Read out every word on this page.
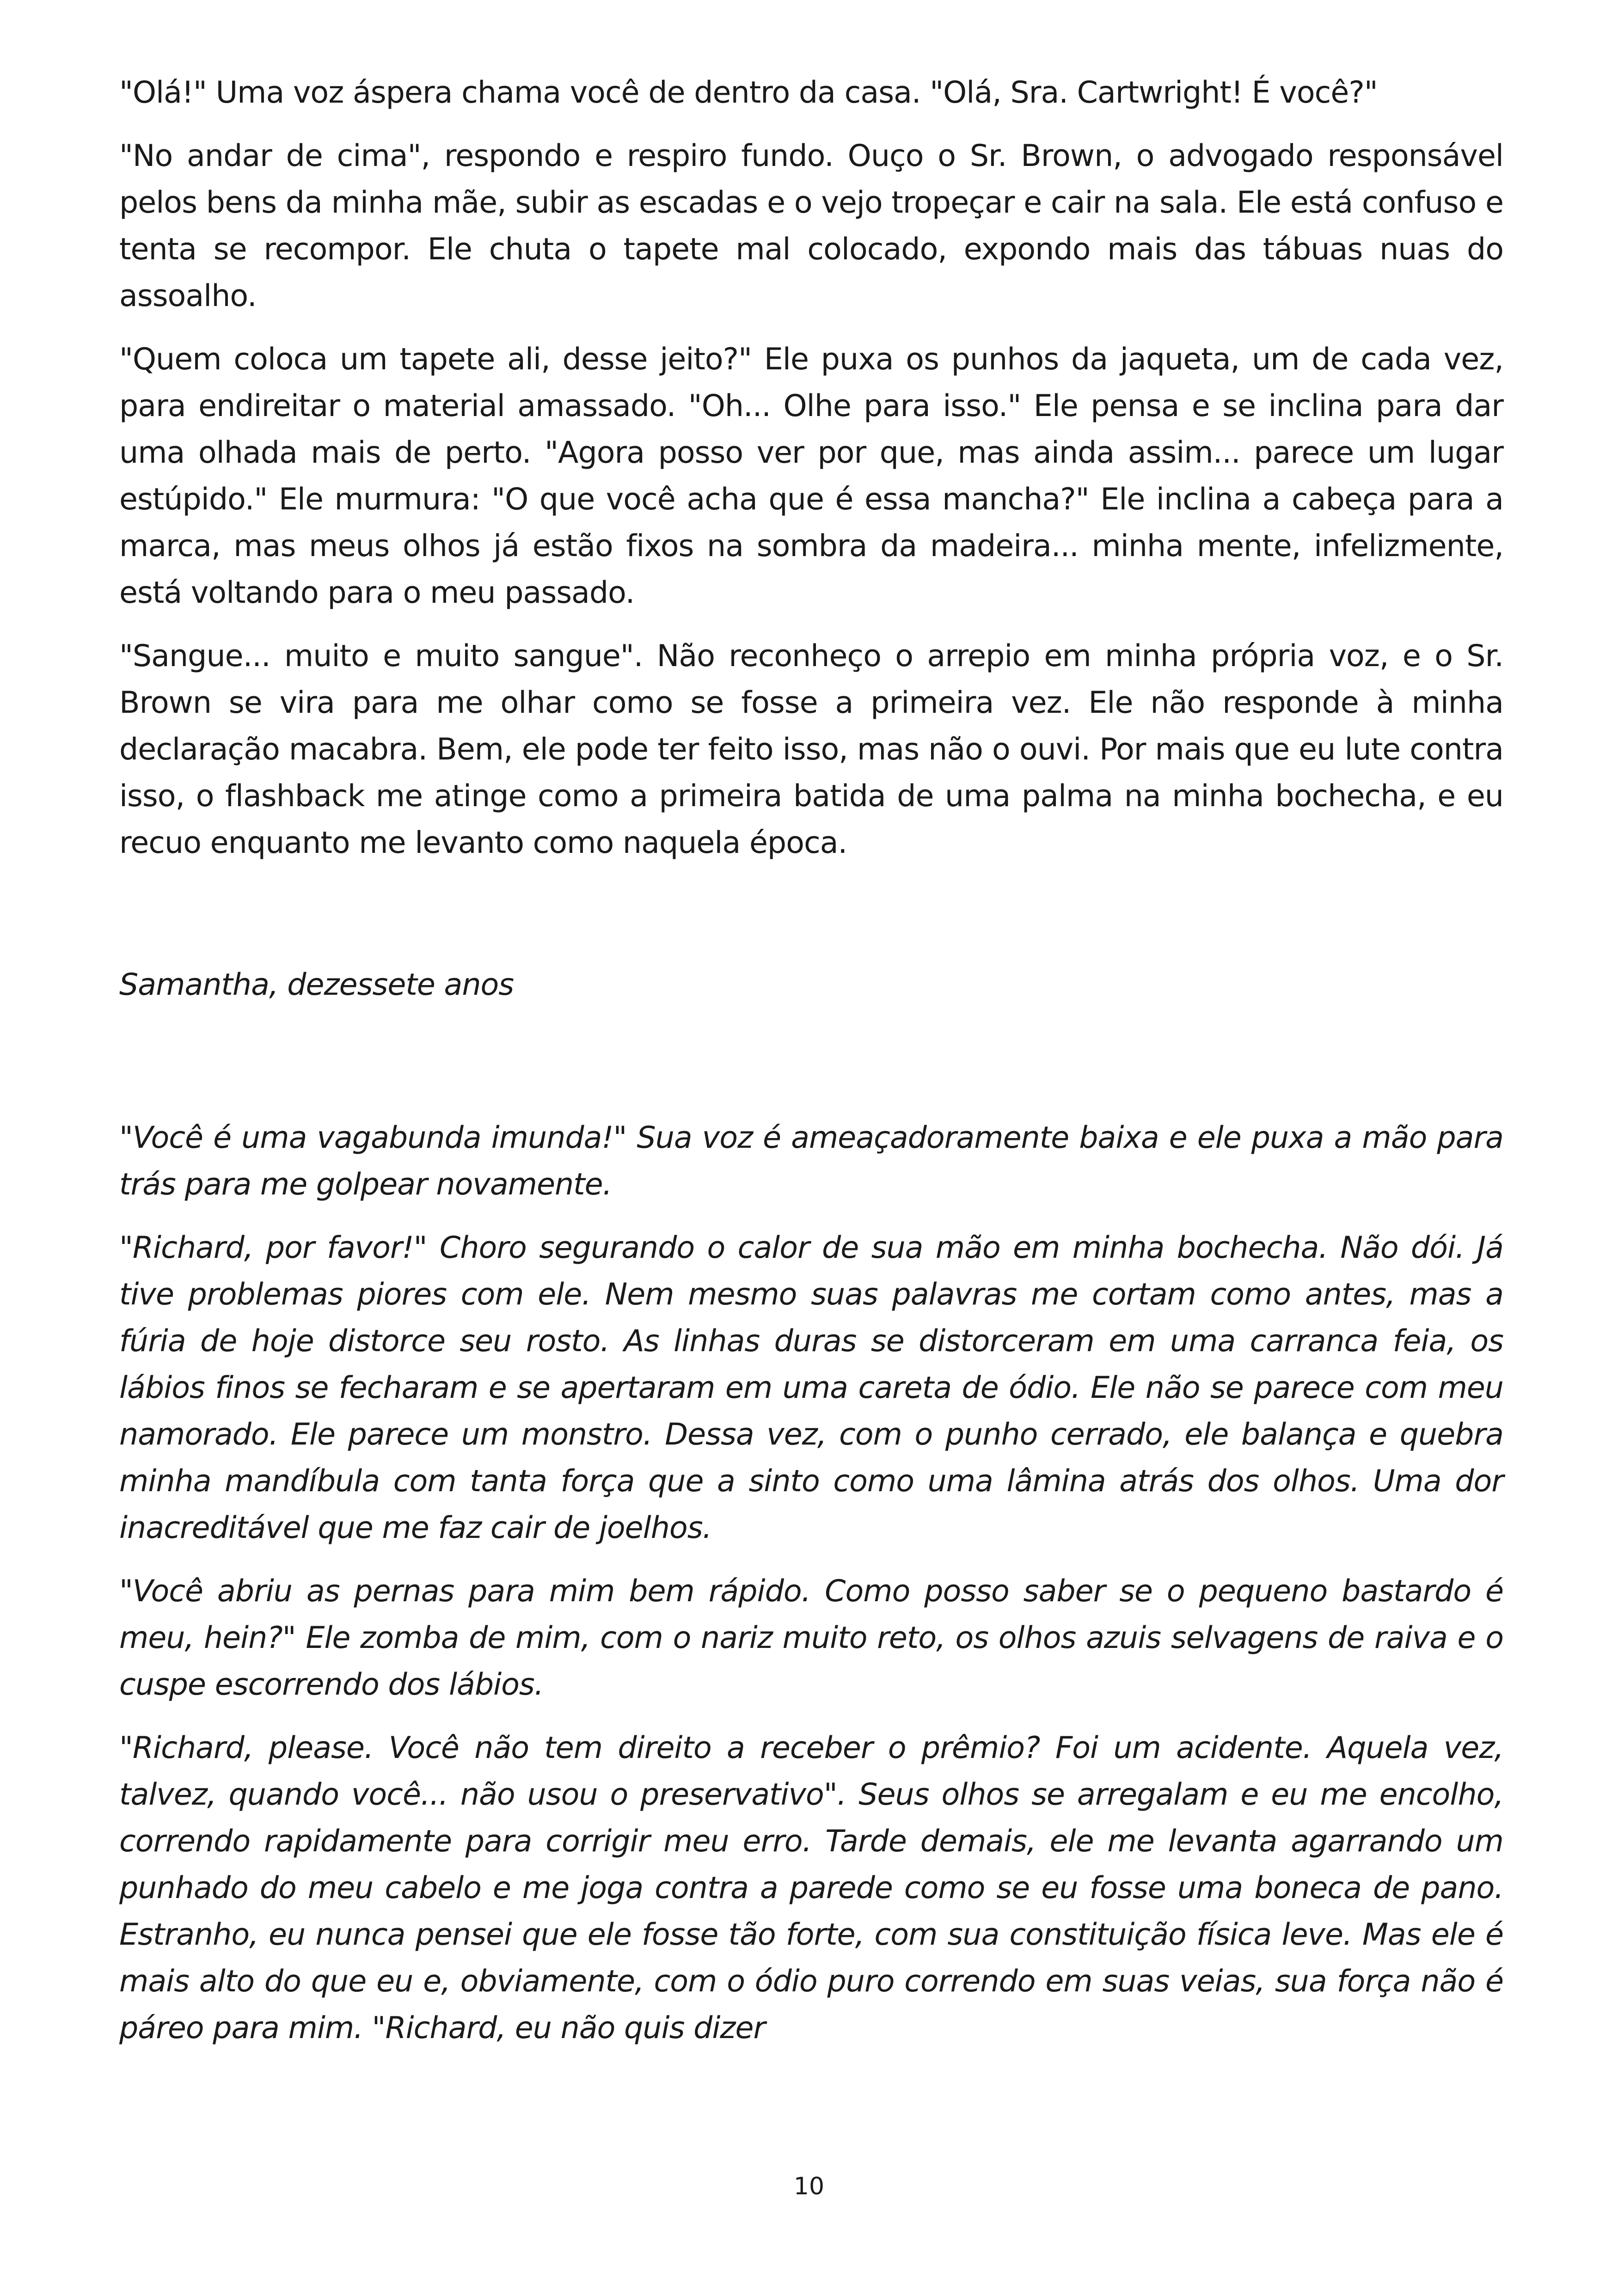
"Olá!" Uma voz áspera chama você de dentro da casa. "Olá, Sra. Cartwright! É você?"

"No andar de cima", respondo e respiro fundo. Ouço o Sr. Brown, o advogado responsável pelos bens da minha mãe, subir as escadas e o vejo tropeçar e cair na sala. Ele está confuso e tenta se recompor. Ele chuta o tapete mal colocado, expondo mais das tábuas nuas do assoalho.

"Quem coloca um tapete ali, desse jeito?" Ele puxa os punhos da jaqueta, um de cada vez, para endireitar o material amassado. "Oh... Olhe para isso." Ele pensa e se inclina para dar uma olhada mais de perto. "Agora posso ver por que, mas ainda assim... parece um lugar estúpido." Ele murmura: "O que você acha que é essa mancha?" Ele inclina a cabeça para a marca, mas meus olhos já estão fixos na sombra da madeira... minha mente, infelizmente, está voltando para o meu passado.

"Sangue... muito e muito sangue". Não reconheço o arrepio em minha própria voz, e o Sr. Brown se vira para me olhar como se fosse a primeira vez. Ele não responde à minha declaração macabra. Bem, ele pode ter feito isso, mas não o ouvi. Por mais que eu lute contra isso, o flashback me atinge como a primeira batida de uma palma na minha bochecha, e eu recuo enquanto me levanto como naquela época.

Samantha, dezessete anos

"Você é uma vagabunda imunda!" Sua voz é ameaçadoramente baixa e ele puxa a mão para trás para me golpear novamente.

"Richard, por favor!" Choro segurando o calor de sua mão em minha bochecha. Não dói. Já tive problemas piores com ele. Nem mesmo suas palavras me cortam como antes, mas a fúria de hoje distorce seu rosto. As linhas duras se distorceram em uma carranca feia, os lábios finos se fecharam e se apertaram em uma careta de ódio. Ele não se parece com meu namorado. Ele parece um monstro. Dessa vez, com o punho cerrado, ele balança e quebra minha mandíbula com tanta força que a sinto como uma lâmina atrás dos olhos. Uma dor inacreditável que me faz cair de joelhos.

"Você abriu as pernas para mim bem rápido. Como posso saber se o pequeno bastardo é meu, hein?" Ele zomba de mim, com o nariz muito reto, os olhos azuis selvagens de raiva e o cuspe escorrendo dos lábios.

"Richard, please. Você não tem direito a receber o prêmio? Foi um acidente. Aquela vez, talvez, quando você... não usou o preservativo". Seus olhos se arregalam e eu me encolho, correndo rapidamente para corrigir meu erro. Tarde demais, ele me levanta agarrando um punhado do meu cabelo e me joga contra a parede como se eu fosse uma boneca de pano. Estranho, eu nunca pensei que ele fosse tão forte, com sua constituição física leve. Mas ele é mais alto do que eu e, obviamente, com o ódio puro correndo em suas veias, sua força não é páreo para mim. "Richard, eu não quis dizer

10
